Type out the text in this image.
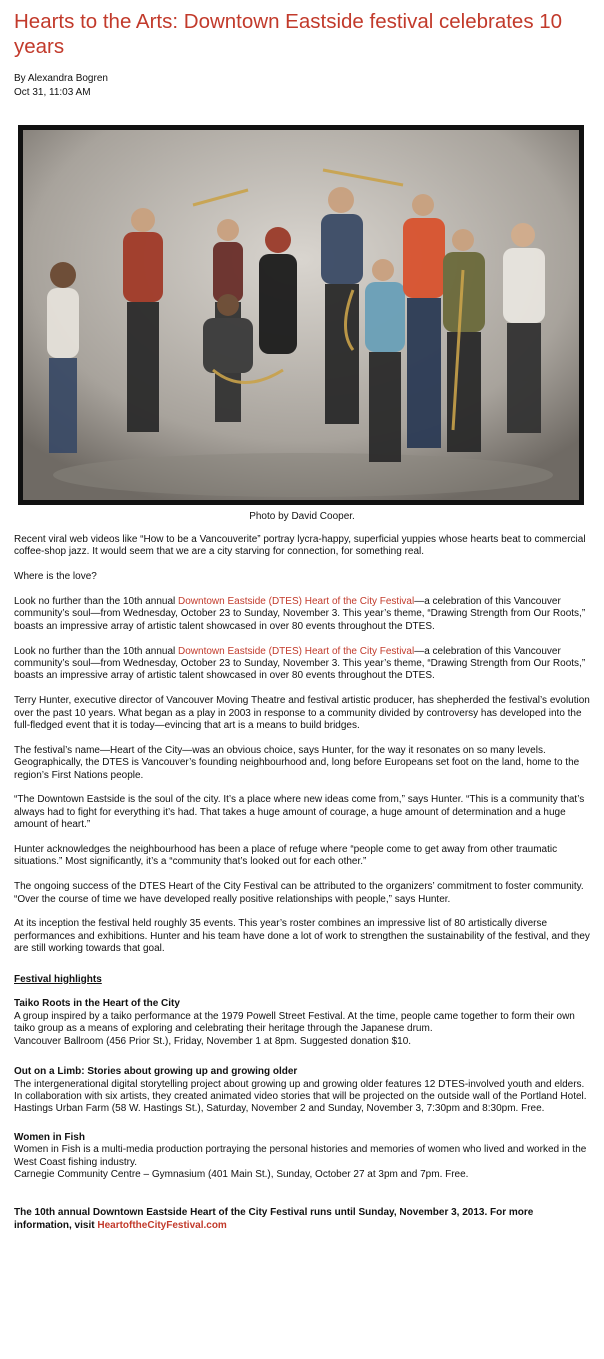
Hearts to the Arts: Downtown Eastside festival celebrates 10 years
By Alexandra Bogren
Oct 31, 11:03 AM
Photo by David Cooper.

Recent viral web videos like “How to be a Vancouverite” portray lycra-happy, superficial yuppies whose hearts beat to commercial coffee-shop jazz. It would seem that we are a city starving for connection, for something real.

Where is the love?

Look no further than the 10th annual Downtown Eastside (DTES) Heart of the City Festival—a celebration of this Vancouver community’s soul—from Wednesday, October 23 to Sunday, November 3. This year’s theme, “Drawing Strength from Our Roots,” boasts an impressive array of artistic talent showcased in over 80 events throughout the DTES.

Look no further than the 10th annual Downtown Eastside (DTES) Heart of the City Festival—a celebration of this Vancouver community’s soul—from Wednesday, October 23 to Sunday, November 3. This year’s theme, “Drawing Strength from Our Roots,” boasts an impressive array of artistic talent showcased in over 80 events throughout the DTES.

Terry Hunter, executive director of Vancouver Moving Theatre and festival artistic producer, has shepherded the festival’s evolution over the past 10 years. What began as a play in 2003 in response to a community divided by controversy has developed into the full-fledged event that it is today—evincing that art is a means to build bridges.

The festival’s name—Heart of the City—was an obvious choice, says Hunter, for the way it resonates on so many levels. Geographically, the DTES is Vancouver’s founding neighbourhood and, long before Europeans set foot on the land, home to the region’s First Nations people.

“The Downtown Eastside is the soul of the city. It’s a place where new ideas come from,” says Hunter. “This is a community that’s always had to fight for everything it’s had. That takes a huge amount of courage, a huge amount of determination and a huge amount of heart.”

Hunter acknowledges the neighbourhood has been a place of refuge where “people come to get away from other traumatic situations.” Most significantly, it’s a “community that’s looked out for each other.”

The ongoing success of the DTES Heart of the City Festival can be attributed to the organizers’ commitment to foster community. “Over the course of time we have developed really positive relationships with people,” says Hunter.

At its inception the festival held roughly 35 events. This year’s roster combines an impressive list of 80 artistically diverse performances and exhibitions. Hunter and his team have done a lot of work to strengthen the sustainability of the festival, and they are still working towards that goal.

Festival highlights

Taiko Roots in the Heart of the City
A group inspired by a taiko performance at the 1979 Powell Street Festival. At the time, people came together to form their own taiko group as a means of exploring and celebrating their heritage through the Japanese drum.

Vancouver Ballroom (456 Prior St.), Friday, November 1 at 8pm. Suggested donation $10.

Out on a Limb: Stories about growing up and growing older
The intergenerational digital storytelling project about growing up and growing older features 12 DTES-involved youth and elders. In collaboration with six artists, they created animated video stories that will be projected on the outside wall of the Portland Hotel.

Hastings Urban Farm (58 W. Hastings St.), Saturday, November 2 and Sunday, November 3, 7:30pm and 8:30pm. Free.

Women in Fish
Women in Fish is a multi-media production portraying the personal histories and memories of women who lived and worked in the West Coast fishing industry.

Carnegie Community Centre – Gymnasium (401 Main St.), Sunday, October 27 at 3pm and 7pm. Free.

The 10th annual Downtown Eastside Heart of the City Festival runs until Sunday, November 3, 2013. For more information, visit HeartoftheCityFestival.com
